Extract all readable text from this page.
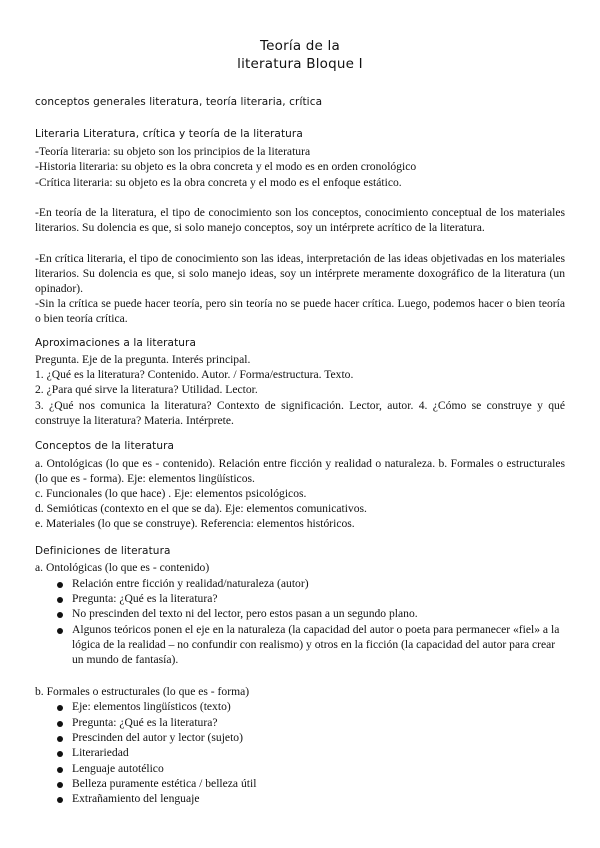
Teoría de la
literatura Bloque I
conceptos generales literatura, teoría literaria, crítica
Literaria Literatura, crítica y teoría de la literatura
-Teoría literaria: su objeto son los principios de la literatura
-Historia literaria: su objeto es la obra concreta y el modo es en orden cronológico
-Crítica literaria: su objeto es la obra concreta y el modo es el enfoque estático.
-En teoría de la literatura, el tipo de conocimiento son los conceptos, conocimiento conceptual de los materiales literarios. Su dolencia es que, si solo manejo conceptos, soy un intérprete acrítico de la literatura.
-En crítica literaria, el tipo de conocimiento son las ideas, interpretación de las ideas objetivadas en los materiales literarios. Su dolencia es que, si solo manejo ideas, soy un intérprete meramente doxográfico de la literatura (un opinador).
-Sin la crítica se puede hacer teoría, pero sin teoría no se puede hacer crítica. Luego, podemos hacer o bien teoría o bien teoría crítica.
Aproximaciones a la literatura
Pregunta. Eje de la pregunta. Interés principal.
1. ¿Qué es la literatura? Contenido. Autor. / Forma/estructura. Texto.
2. ¿Para qué sirve la literatura? Utilidad. Lector.
3. ¿Qué nos comunica la literatura? Contexto de significación. Lector, autor. 4. ¿Cómo se construye y qué construye la literatura? Materia. Intérprete.
Conceptos de la literatura
a. Ontológicas (lo que es - contenido). Relación entre ficción y realidad o naturaleza. b. Formales o estructurales (lo que es - forma). Eje: elementos lingüísticos.
c. Funcionales (lo que hace) . Eje: elementos psicológicos.
d. Semióticas (contexto en el que se da). Eje: elementos comunicativos.
e. Materiales (lo que se construye). Referencia: elementos históricos.
Definiciones de literatura
a. Ontológicas (lo que es - contenido)
Relación entre ficción y realidad/naturaleza (autor)
Pregunta: ¿Qué es la literatura?
No prescinden del texto ni del lector, pero estos pasan a un segundo plano.
Algunos teóricos ponen el eje en la naturaleza (la capacidad del autor o poeta para permanecer «fiel» a la lógica de la realidad – no confundir con realismo) y otros en la ficción (la capacidad del autor para crear un mundo de fantasía).
b. Formales o estructurales (lo que es - forma)
Eje: elementos lingüísticos (texto)
Pregunta: ¿Qué es la literatura?
Prescinden del autor y lector (sujeto)
Literariedad
Lenguaje autotélico
Belleza puramente estética / belleza útil
Extrañamiento del lenguaje
